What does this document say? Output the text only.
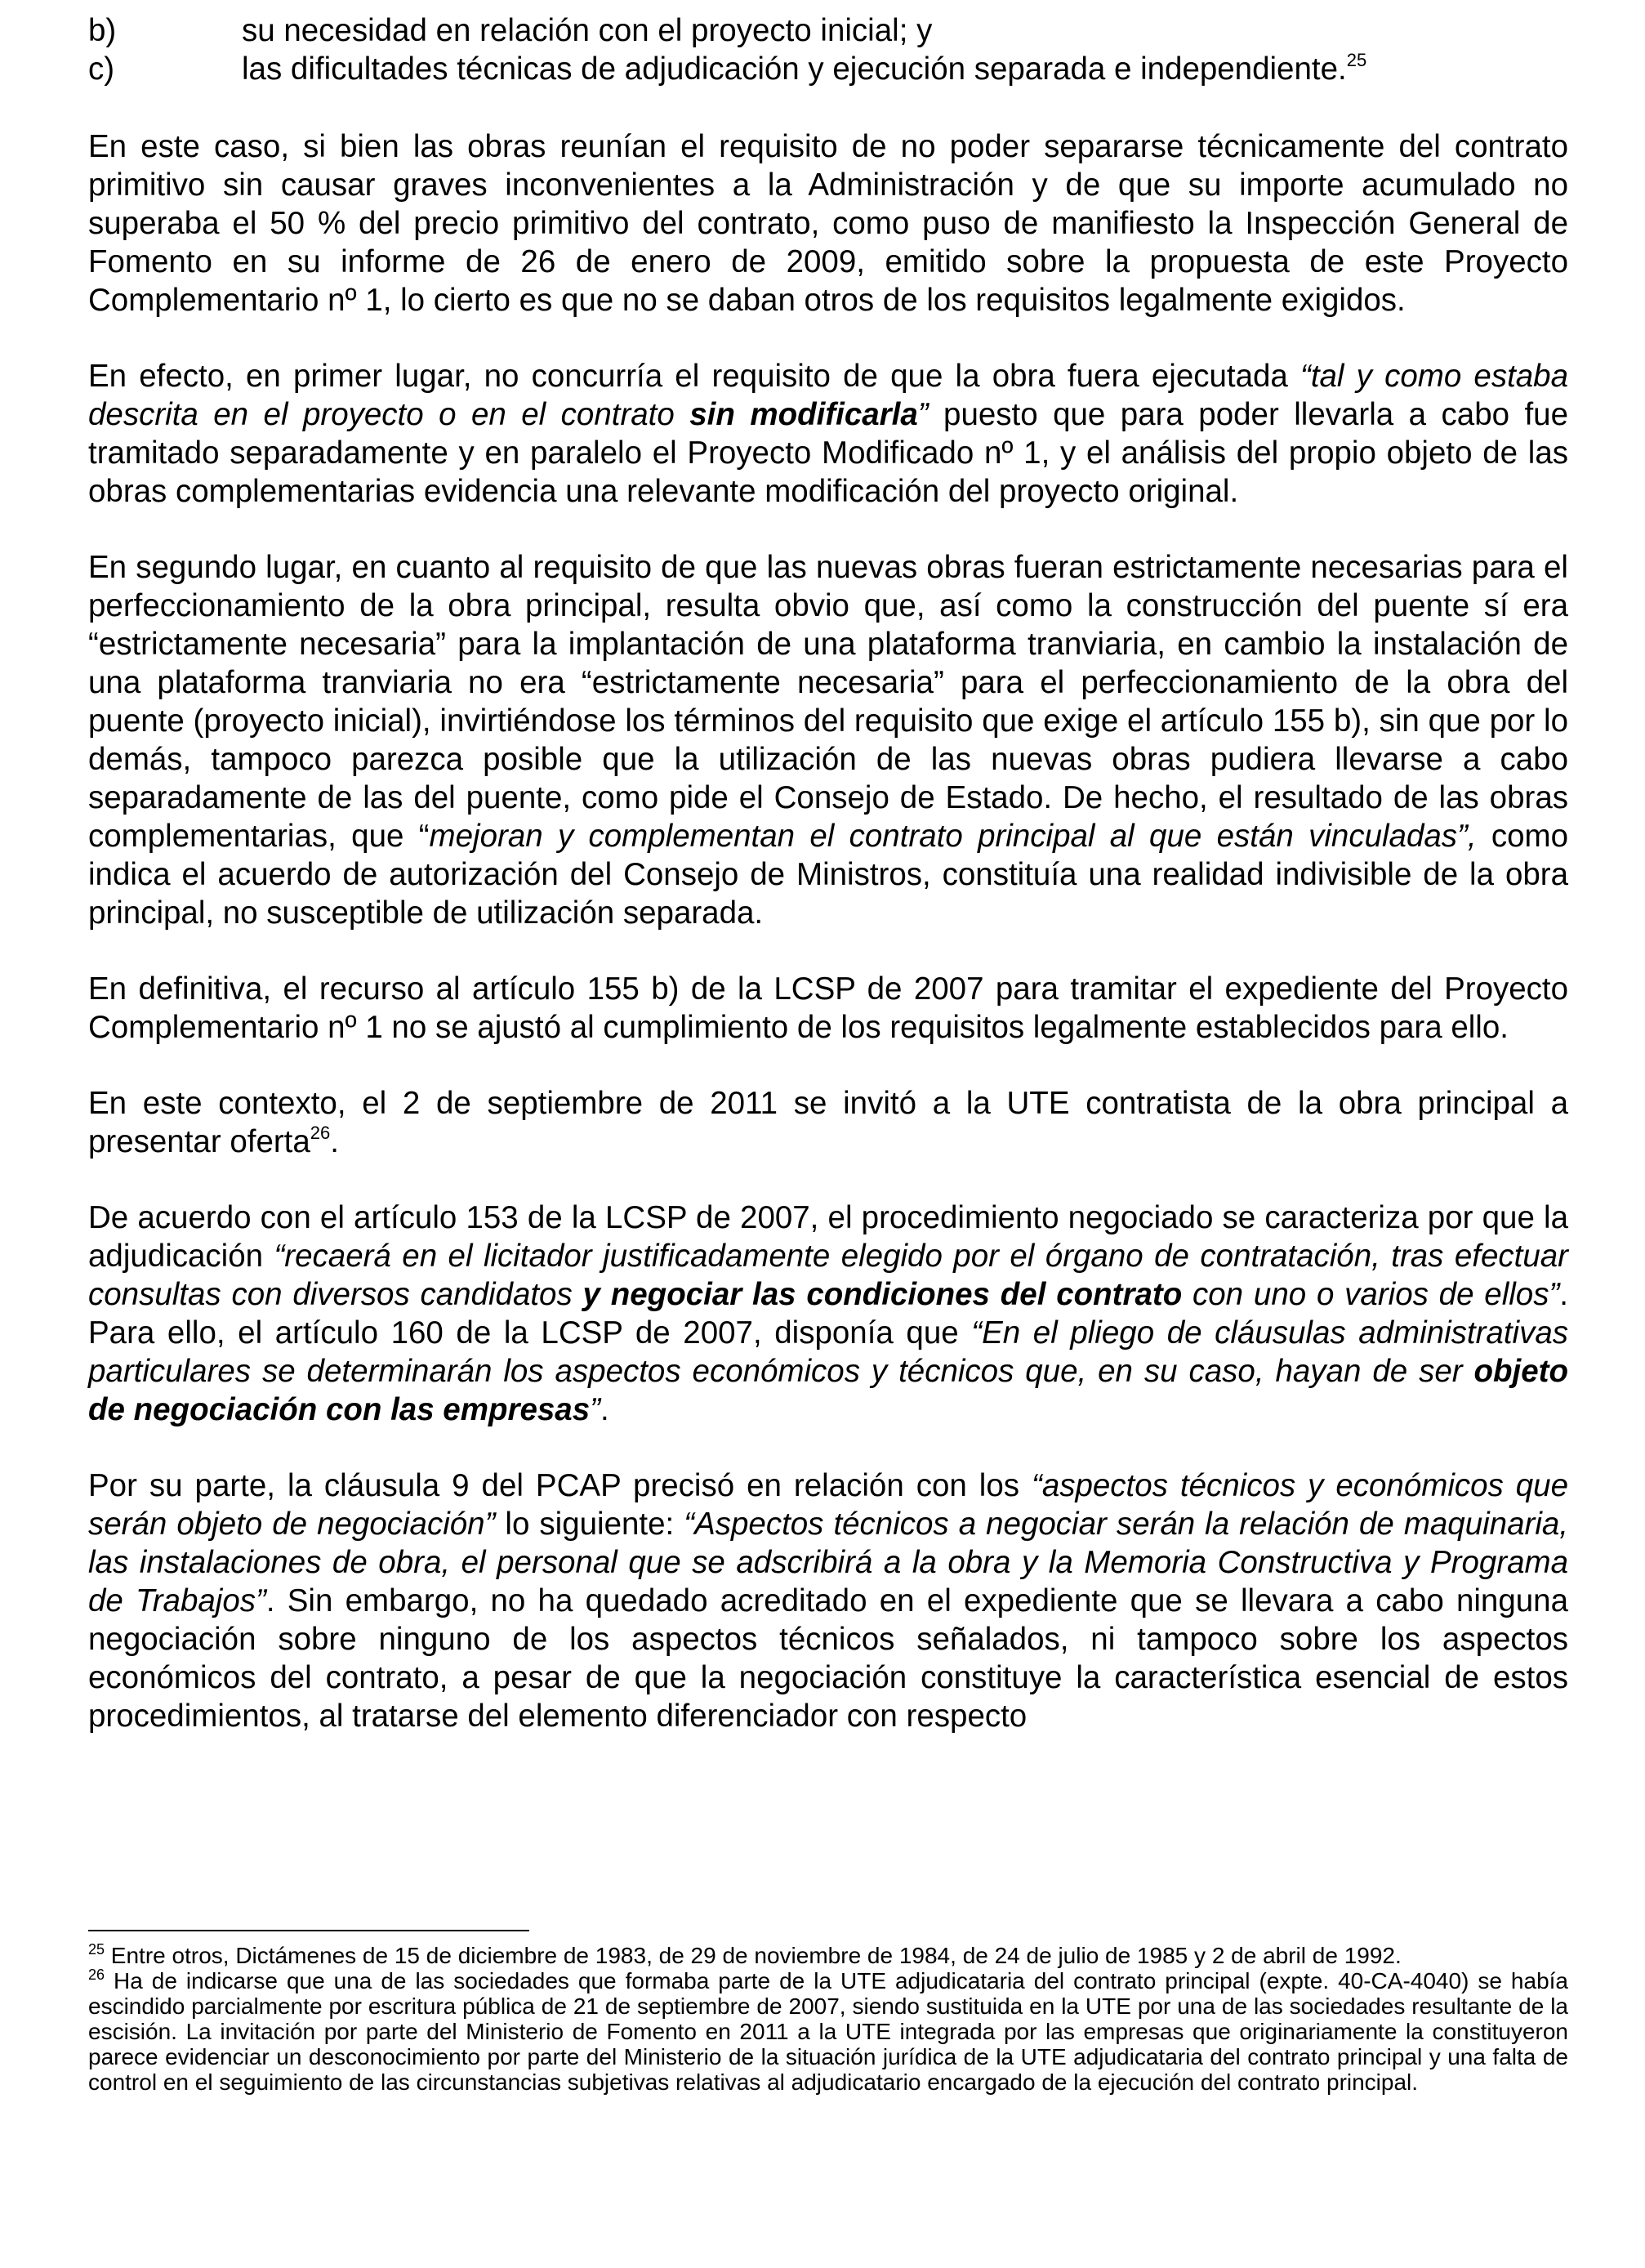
b)	su necesidad en relación con el proyecto inicial; y
c)	las dificultades técnicas de adjudicación y ejecución separada e independiente.$^{25}$

En este caso, si bien las obras reunían el requisito de no poder separarse técnicamente del contrato primitivo sin causar graves inconvenientes a la Administración y de que su importe acumulado no superaba el 50 % del precio primitivo del contrato, como puso de manifiesto la Inspección General de Fomento en su informe de 26 de enero de 2009, emitido sobre la propuesta de este Proyecto Complementario nº 1, lo cierto es que no se daban otros de los requisitos legalmente exigidos.

En efecto, en primer lugar, no concurría el requisito de que la obra fuera ejecutada “tal y como estaba descrita en el proyecto o en el contrato sin modificarla” puesto que para poder llevarla a cabo fue tramitado separadamente y en paralelo el Proyecto Modificado nº 1, y el análisis del propio objeto de las obras complementarias evidencia una relevante modificación del proyecto original.

En segundo lugar, en cuanto al requisito de que las nuevas obras fueran estrictamente necesarias para el perfeccionamiento de la obra principal, resulta obvio que, así como la construcción del puente sí era “estrictamente necesaria” para la implantación de una plataforma tranviaria, en cambio la instalación de una plataforma tranviaria no era “estrictamente necesaria” para el perfeccionamiento de la obra del puente (proyecto inicial), invirtiéndose los términos del requisito que exige el artículo 155 b), sin que por lo demás, tampoco parezca posible que la utilización de las nuevas obras pudiera llevarse a cabo separadamente de las del puente, como pide el Consejo de Estado. De hecho, el resultado de las obras complementarias, que “mejoran y complementan el contrato principal al que están vinculadas”, como indica el acuerdo de autorización del Consejo de Ministros, constituía una realidad indivisible de la obra principal, no susceptible de utilización separada.

En definitiva, el recurso al artículo 155 b) de la LCSP de 2007 para tramitar el expediente del Proyecto Complementario nº 1 no se ajustó al cumplimiento de los requisitos legalmente establecidos para ello.

En este contexto, el 2 de septiembre de 2011 se invitó a la UTE contratista de la obra principal a presentar oferta$^{26}$.

De acuerdo con el artículo 153 de la LCSP de 2007, el procedimiento negociado se caracteriza por que la adjudicación “recaerá en el licitador justificadamente elegido por el órgano de contratación, tras efectuar consultas con diversos candidatos y negociar las condiciones del contrato con uno o varios de ellos”. Para ello, el artículo 160 de la LCSP de 2007, disponía que “En el pliego de cláusulas administrativas particulares se determinarán los aspectos económicos y técnicos que, en su caso, hayan de ser objeto de negociación con las empresas”.

Por su parte, la cláusula 9 del PCAP precisó en relación con los “aspectos técnicos y económicos que serán objeto de negociación” lo siguiente: “Aspectos técnicos a negociar serán la relación de maquinaria, las instalaciones de obra, el personal que se adscribirá a la obra y la Memoria Constructiva y Programa de Trabajos”. Sin embargo, no ha quedado acreditado en el expediente que se llevara a cabo ninguna negociación sobre ninguno de los aspectos técnicos señalados, ni tampoco sobre los aspectos económicos del contrato, a pesar de que la negociación constituye la característica esencial de estos procedimientos, al tratarse del elemento diferenciador con respecto

$^{25}$ Entre otros, Dictámenes de 15 de diciembre de 1983, de 29 de noviembre de 1984, de 24 de julio de 1985 y 2 de abril de 1992.

$^{26}$ Ha de indicarse que una de las sociedades que formaba parte de la UTE adjudicataria del contrato principal (expte. 40-CA-4040) se había escindido parcialmente por escritura pública de 21 de septiembre de 2007, siendo sustituida en la UTE por una de las sociedades resultante de la escisión. La invitación por parte del Ministerio de Fomento en 2011 a la UTE integrada por las empresas que originariamente la constituyeron parece evidenciar un desconocimiento por parte del Ministerio de la situación jurídica de la UTE adjudicataria del contrato principal y una falta de control en el seguimiento de las circunstancias subjetivas relativas al adjudicatario encargado de la ejecución del contrato principal.
